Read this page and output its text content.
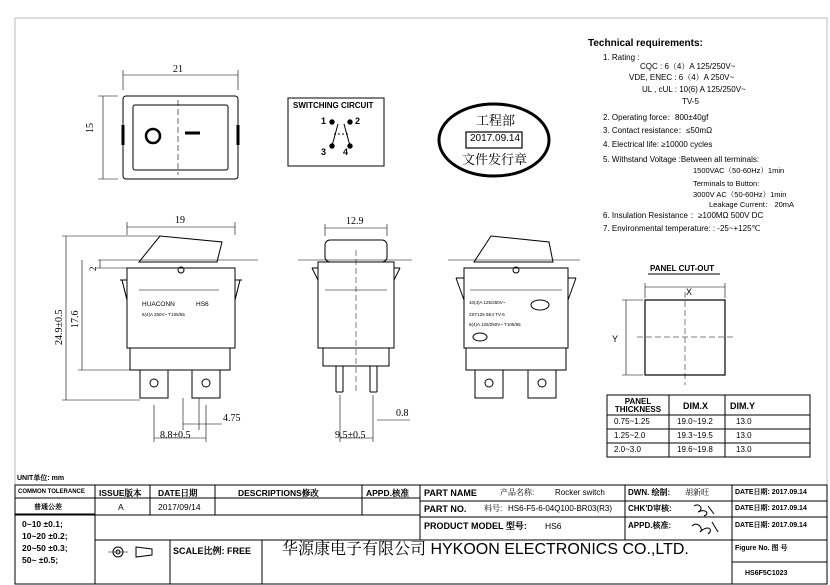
Technical requirements:
1. Rating :
CQC : 6（4）A 125/250V~
VDE, ENEC : 6（4）A 250V~
UL , cUL : 10(6) A 125/250V~
TV-5
2. Operating force：800±40gf
3. Contact resistance：≤50mΩ
4. Electrical life: ≥10000 cycles
5. Withstand Voltage :Between all terminals:
1500VAC（50-60Hz）1min
Terminals to Button:
3000V AC（50-60Hz）1min
Leakage Current： 20mA
6. Insulation Resistance ：≥100MΩ 500V DC
7. Environmental temperature: : -25~+125℃
工程部
2017.09.14
文件发行章
SWITCHING CIRCUIT
1	2
3 4
21
15
19	12.9
2
17.6
24.9±0.5
4.75
8.8±0.5	9.5±0.5
0.8
HUACONN	HS6
6(4)A 250V~ T105/55
10(4)A 125/250V~
2ST125 5E4 TV-5
6(4)A 125/250V~ T105/55
PANEL CUT-OUT
X
Y
PANEL THICKNESS	DIM.X DIM.Y
0.75~1.25	19.0~19.2	13.0
1.25~2.0	19.3~19.5	13.0
2.0~3.0	19.6~19.8	13.0
UNIT单位: mm
COMMON TOLERANCE
普通公差
0~10 ±0.1;
10~20 ±0.2;
20~50 ±0.3;
50~ ±0.5;
ISSUE版本 DATE日期	DESCRIPTIONS修改	APPD.核准
A	2017/09/14
PART NAME	产品名称:	Rocker switch
PART NO. 料号: HS6-F5-6-04Q100-BR03(R3)
PRODUCT MODEL 型号: HS6
DWN. 绘制: 胡新旺
CHK'D审核:
APPD.核准:
DATE日期: 2017.09.14
DATE日期: 2017.09.14
DATE日期: 2017.09.14
SCALE比例: FREE 华源康电子有限公司 HYKOON ELECTRONICS CO.,LTD.	Figure No. 图 号
HS6F5C1023
